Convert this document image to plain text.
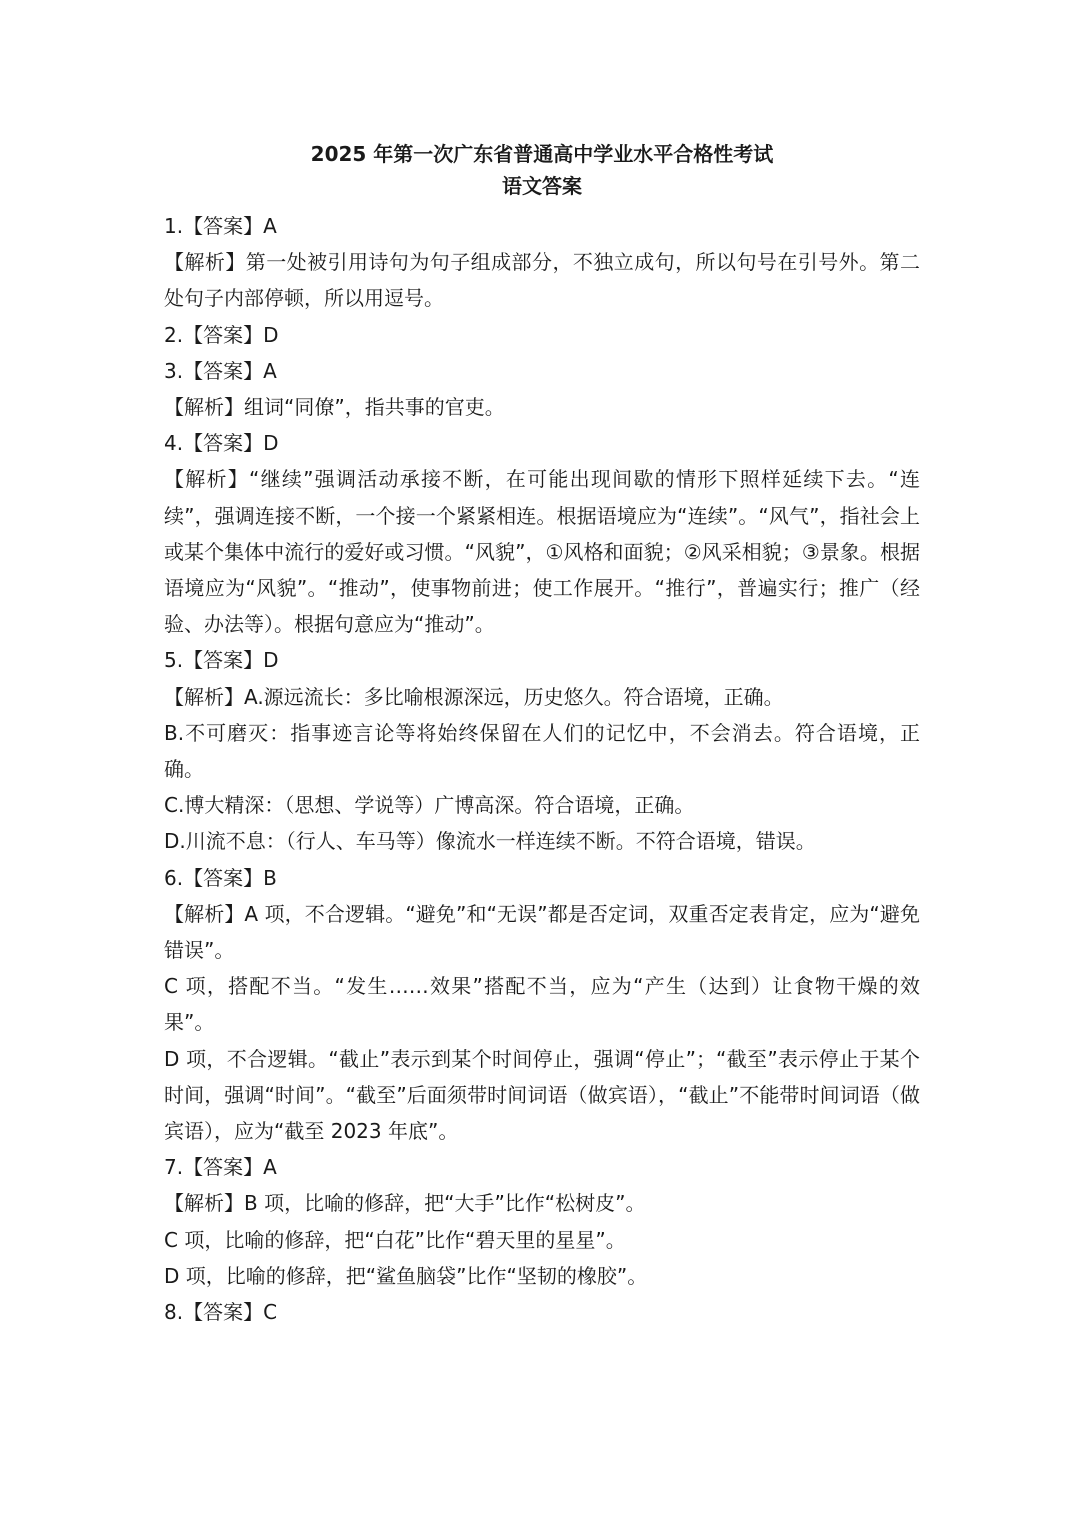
2025 年第一次广东省普通高中学业水平合格性考试
语文答案

1.【答案】A

【解析】第一处被引用诗句为句子组成部分，不独立成句，所以句号在引号外。第二处句子内部停顿，所以用逗号。

2.【答案】D

3.【答案】A

【解析】组词“同僚”，指共事的官吏。

4.【答案】D

【解析】“继续”强调活动承接不断，在可能出现间歇的情形下照样延续下去。“连续”，强调连接不断，一个接一个紧紧相连。根据语境应为“连续”。“风气”，指社会上或某个集体中流行的爱好或习惯。“风貌”，①风格和面貌；②风采相貌；③景象。根据语境应为“风貌”。“推动”，使事物前进；使工作展开。“推行”，普遍实行；推广（经验、办法等）。根据句意应为“推动”。

5.【答案】D

【解析】A.源远流长：多比喻根源深远，历史悠久。符合语境，正确。

B.不可磨灭：指事迹言论等将始终保留在人们的记忆中，不会消去。符合语境，正确。

C.博大精深：（思想、学说等）广博高深。符合语境，正确。

D.川流不息：（行人、车马等）像流水一样连续不断。不符合语境，错误。

6.【答案】B

【解析】A 项，不合逻辑。“避免”和“无误”都是否定词，双重否定表肯定，应为“避免错误”。

C 项，搭配不当。“发生……效果”搭配不当，应为“产生（达到）让食物干燥的效果”。

D 项，不合逻辑。“截止”表示到某个时间停止，强调“停止”；“截至”表示停止于某个时间，强调“时间”。“截至”后面须带时间词语（做宾语），“截止”不能带时间词语（做宾语），应为“截至 2023 年底”。

7.【答案】A

【解析】B 项，比喻的修辞，把“大手”比作“松树皮”。

C 项，比喻的修辞，把“白花”比作“碧天里的星星”。

D 项，比喻的修辞，把“鲨鱼脑袋”比作“坚韧的橡胶”。

8.【答案】C
